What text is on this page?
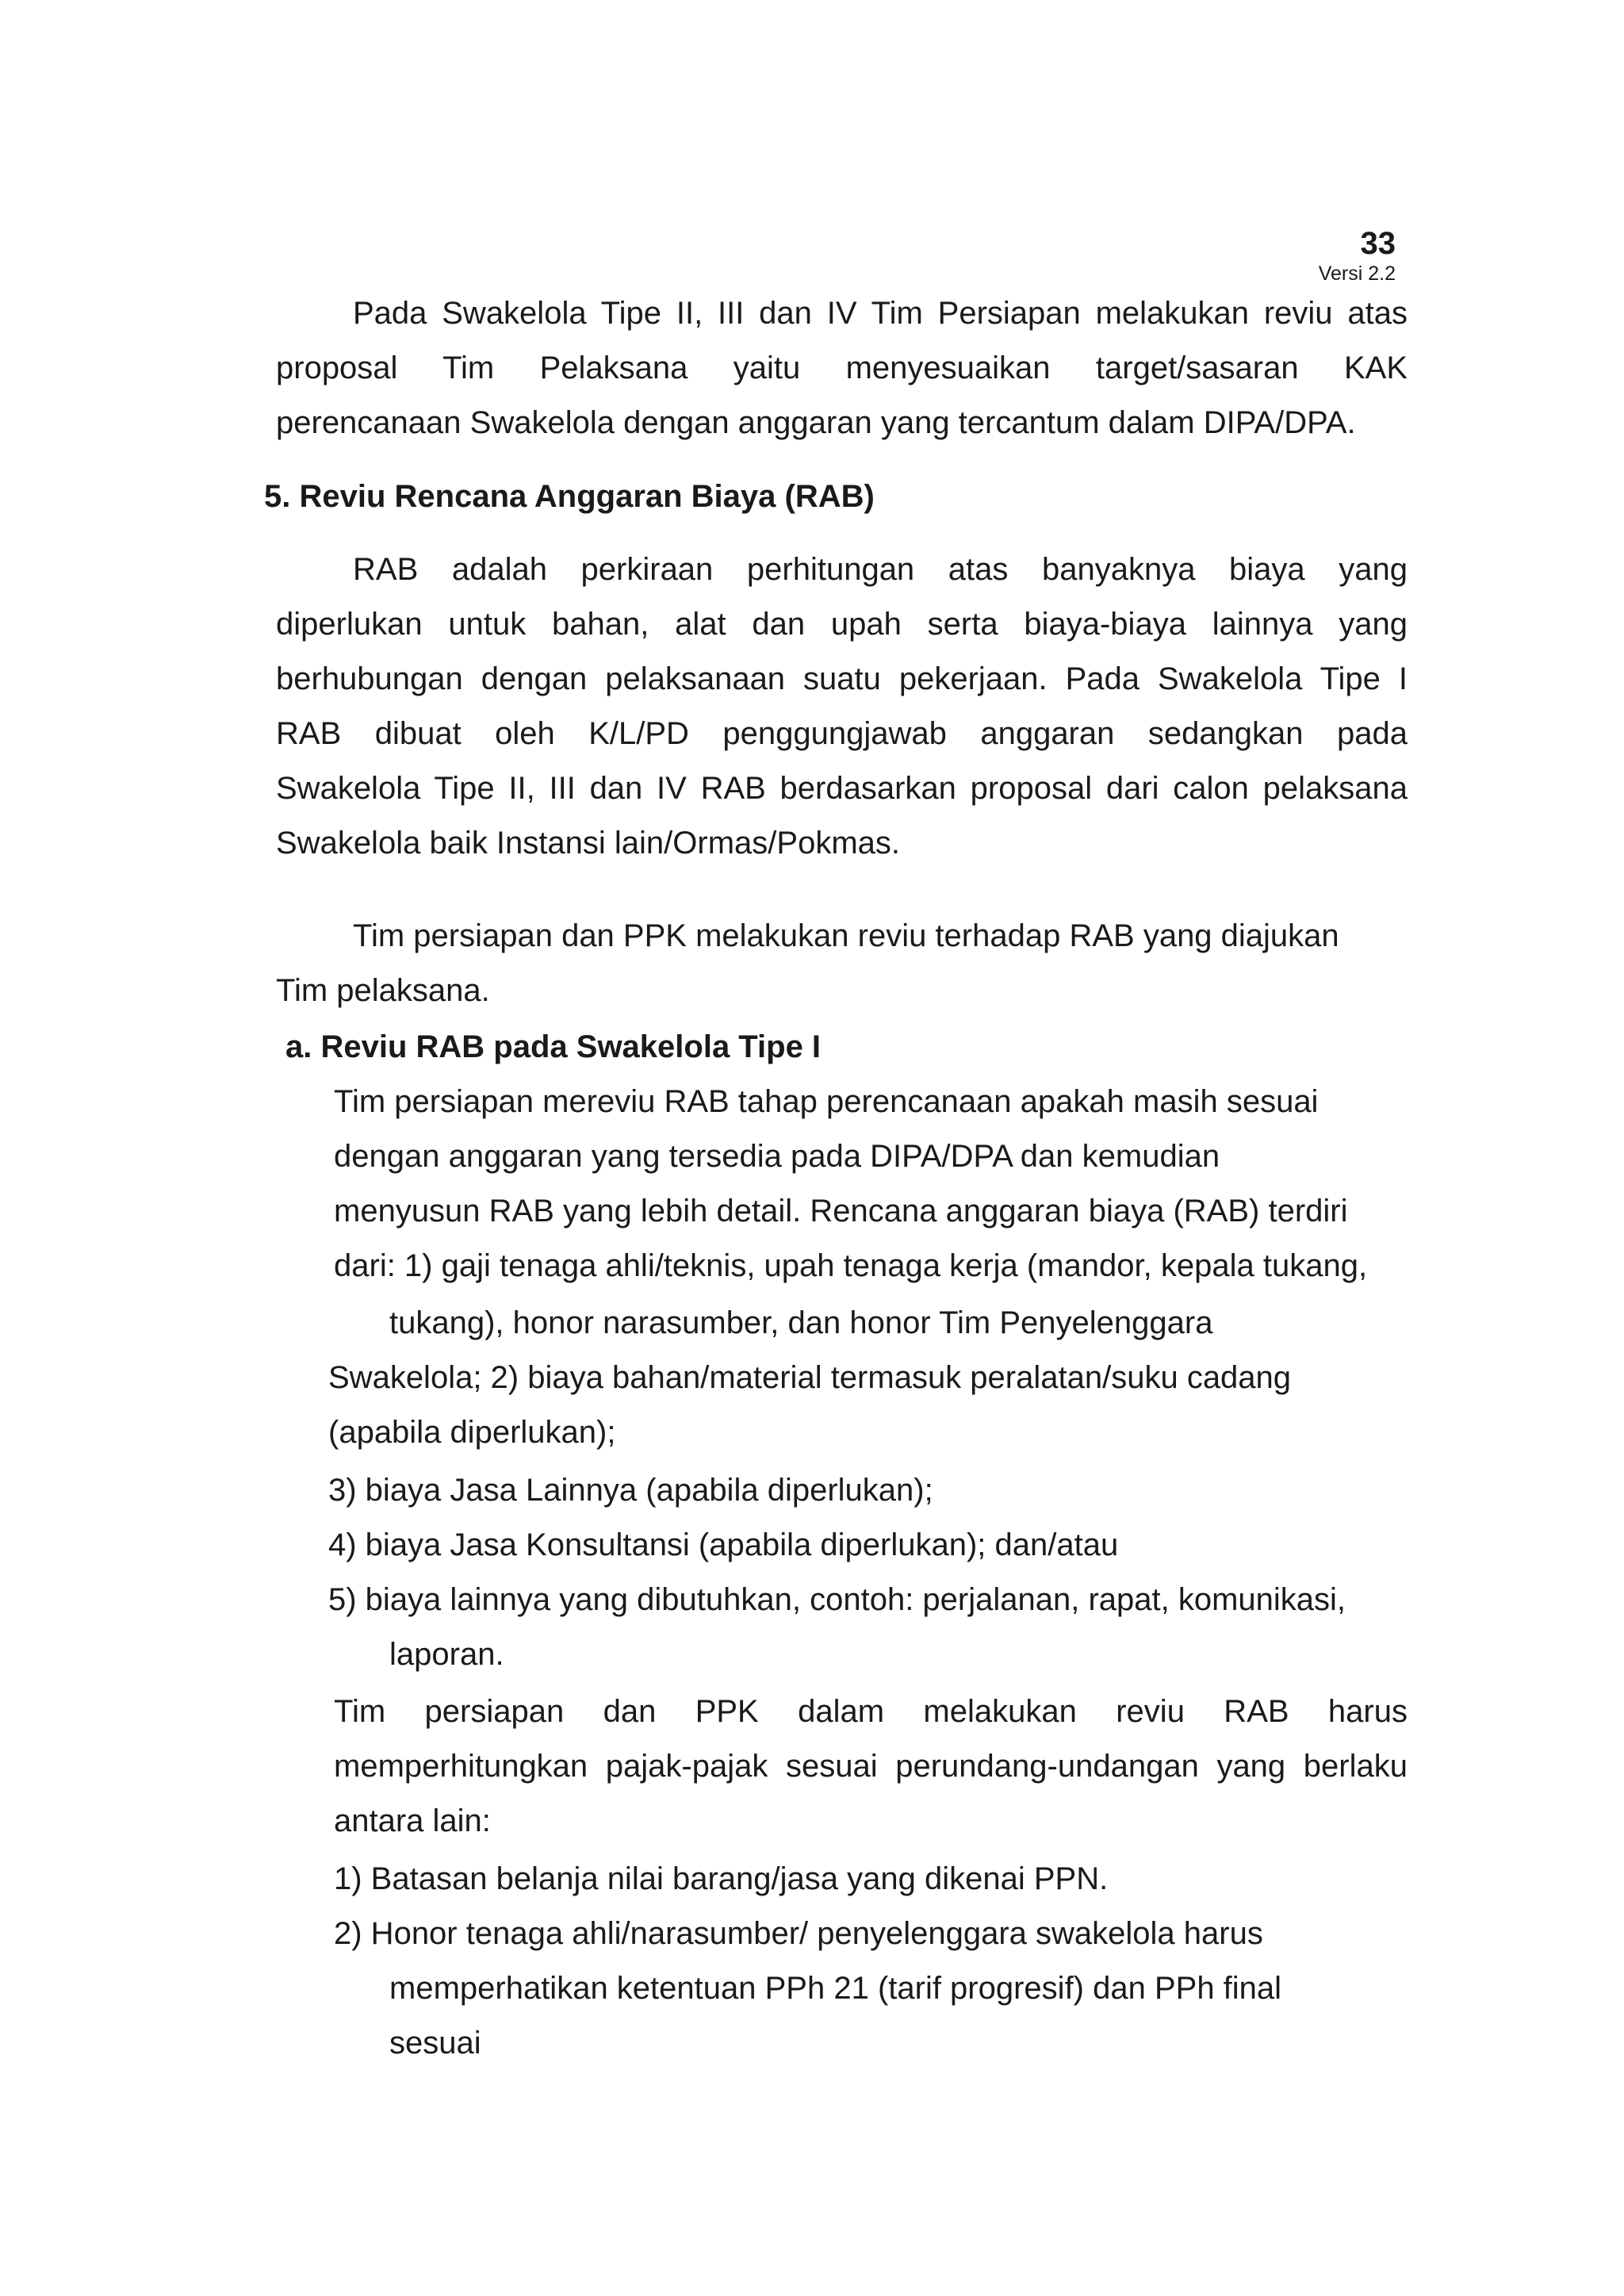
33
Versi 2.2
Pada Swakelola Tipe II, III dan IV Tim Persiapan melakukan reviu atas
proposal Tim Pelaksana yaitu menyesuaikan target/sasaran KAK
perencanaan Swakelola dengan anggaran yang tercantum dalam DIPA/DPA.
5. Reviu Rencana Anggaran Biaya (RAB)
RAB adalah perkiraan perhitungan atas banyaknya biaya yang
diperlukan untuk bahan, alat dan upah serta biaya-biaya lainnya yang
berhubungan dengan pelaksanaan suatu pekerjaan. Pada Swakelola Tipe I
RAB dibuat oleh K/L/PD penggungjawab anggaran sedangkan pada
Swakelola Tipe II, III dan IV RAB berdasarkan proposal dari calon pelaksana
Swakelola baik Instansi lain/Ormas/Pokmas.
Tim persiapan dan PPK melakukan reviu terhadap RAB yang diajukan
Tim pelaksana.
a. Reviu RAB pada Swakelola Tipe I
Tim persiapan mereviu RAB tahap perencanaan apakah masih sesuai
dengan anggaran yang tersedia pada DIPA/DPA dan kemudian
menyusun RAB yang lebih detail. Rencana anggaran biaya (RAB) terdiri
dari: 1) gaji tenaga ahli/teknis, upah tenaga kerja (mandor, kepala tukang,
tukang), honor narasumber, dan honor Tim Penyelenggara
Swakelola; 2) biaya bahan/material termasuk peralatan/suku cadang
(apabila diperlukan);
3) biaya Jasa Lainnya (apabila diperlukan);
4) biaya Jasa Konsultansi (apabila diperlukan); dan/atau
5) biaya lainnya yang dibutuhkan, contoh: perjalanan, rapat, komunikasi,
laporan.
Tim persiapan dan PPK dalam melakukan reviu RAB harus
memperhitungkan pajak-pajak sesuai perundang-undangan yang berlaku
antara lain:
1) Batasan belanja nilai barang/jasa yang dikenai PPN.
2) Honor tenaga ahli/narasumber/ penyelenggara swakelola harus
memperhatikan ketentuan PPh 21 (tarif progresif) dan PPh final
sesuai
